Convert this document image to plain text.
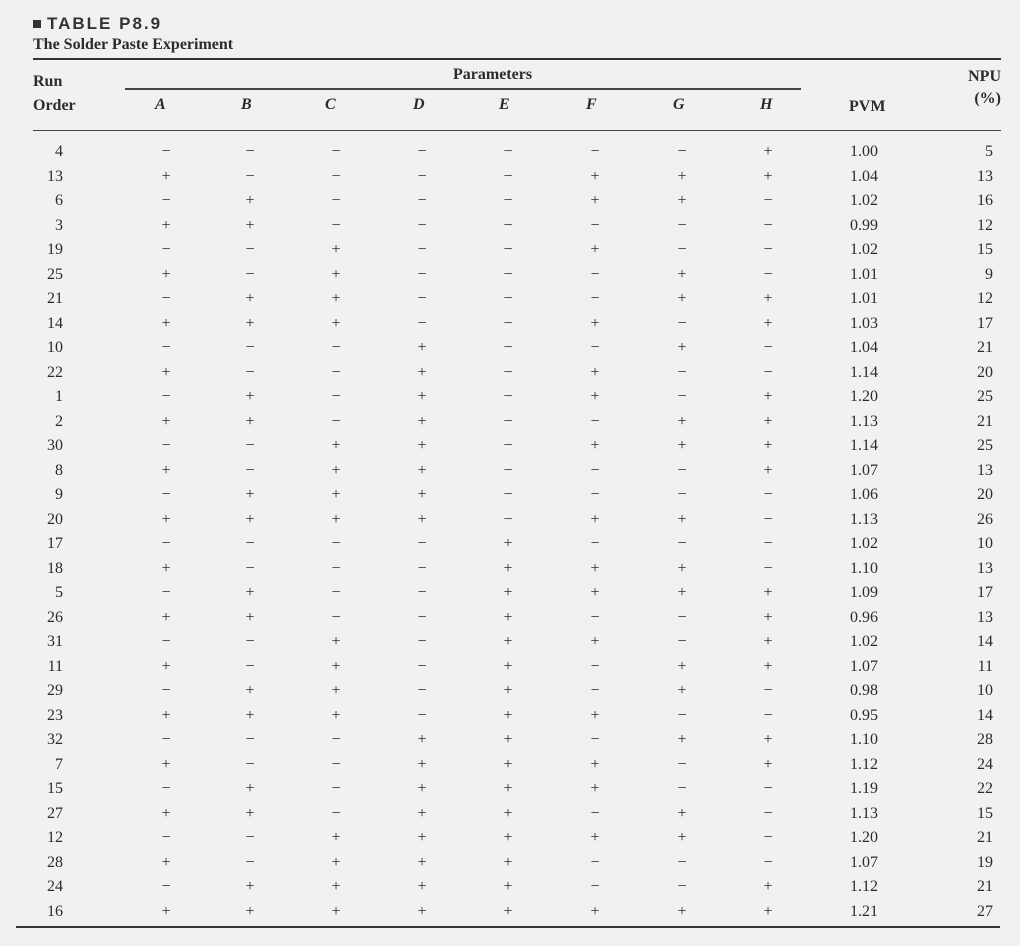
TABLE P8.9
The Solder Paste Experiment
Run
Order
Parameters
A	B	C	D	E	F	G	H	PVM
NPU
(%)
4	−	−	−	−	−	−	−	+	1.00	5
13	+	−	−	−	−	+	+	+	1.04	13
6	−	+	−	−	−	+	+	−	1.02	16
3	+	+	−	−	−	−	−	−	0.99	12
19	−	−	+	−	−	+	−	−	1.02	15
25	+	−	+	−	−	−	+	−	1.01	9
21	−	+	+	−	−	−	+	+	1.01	12
14	+	+	+	−	−	+	−	+	1.03	17
10	−	−	−	+	−	−	+	−	1.04	21
22	+	−	−	+	−	+	−	−	1.14	20
1	−	+	−	+	−	+	−	+	1.20	25
2	+	+	−	+	−	−	+	+	1.13	21
30	−	−	+	+	−	+	+	+	1.14	25
8	+	−	+	+	−	−	−	+	1.07	13
9	−	+	+	+	−	−	−	−	1.06	20
20	+	+	+	+	−	+	+	−	1.13	26
17	−	−	−	−	+	−	−	−	1.02	10
18	+	−	−	−	+	+	+	−	1.10	13
5	−	+	−	−	+	+	+	+	1.09	17
26	+	+	−	−	+	−	−	+	0.96	13
31	−	−	+	−	+	+	−	+	1.02	14
11	+	−	+	−	+	−	+	+	1.07	11
29	−	+	+	−	+	−	+	−	0.98	10
23	+	+	+	−	+	+	−	−	0.95	14
32	−	−	−	+	+	−	+	+	1.10	28
7	+	−	−	+	+	+	−	+	1.12	24
15	−	+	−	+	+	+	−	−	1.19	22
27	+	+	−	+	+	−	+	−	1.13	15
12	−	−	+	+	+	+	+	−	1.20	21
28	+	−	+	+	+	−	−	−	1.07	19
24	−	+	+	+	+	−	−	+	1.12	21
16	+	+	+	+	+	+	+	+	1.21	27
